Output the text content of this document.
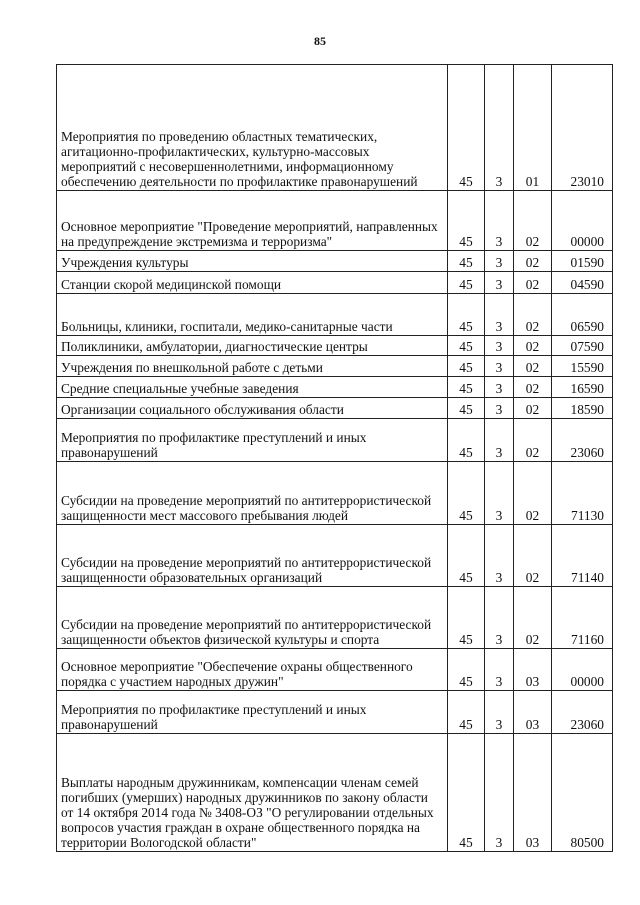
85
Мероприятия по проведению областных тематических, агитационно-профилактических, культурно-массовых мероприятий с несовершеннолетними, информационному обеспечению деятельности по профилактике правонарушений	45	3	01	23010
Основное мероприятие "Проведение мероприятий, направленных на предупреждение экстремизма и терроризма"	45	3	02	00000
Учреждения культуры	45	3	02	01590
Станции скорой медицинской помощи	45	3	02	04590
Больницы, клиники, госпитали, медико-санитарные части	45	3	02	06590
Поликлиники, амбулатории, диагностические центры	45	3	02	07590
Учреждения по внешкольной работе с детьми	45	3	02	15590
Средние специальные учебные заведения	45	3	02	16590
Организации социального обслуживания области	45	3	02	18590
Мероприятия по профилактике преступлений и иных правонарушений	45	3	02	23060
Субсидии на проведение мероприятий по антитеррористической защищенности мест массового пребывания людей	45	3	02	71130
Субсидии на проведение мероприятий по антитеррористической защищенности образовательных организаций	45	3	02	71140
Субсидии на проведение мероприятий по антитеррористической защищенности объектов физической культуры и спорта	45	3	02	71160
Основное мероприятие "Обеспечение охраны общественного порядка с участием народных дружин"	45	3	03	00000
Мероприятия по профилактике преступлений и иных правонарушений	45	3	03	23060
Выплаты народным дружинникам, компенсации членам семей погибших (умерших) народных дружинников по закону области от 14 октября 2014 года № 3408-ОЗ "О регулировании отдельных вопросов участия граждан в охране общественного порядка на территории Вологодской области"	45	3	03	80500
